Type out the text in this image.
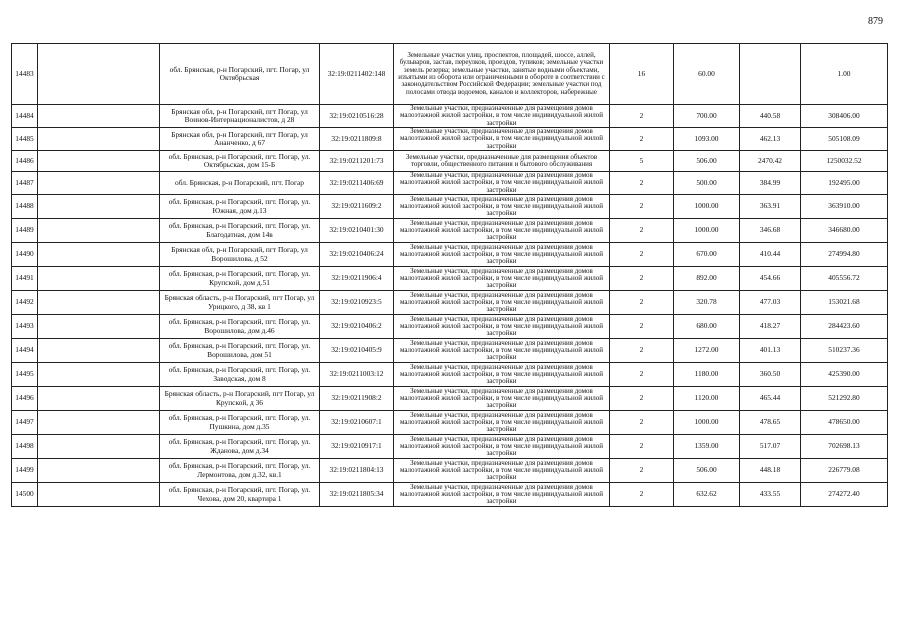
879
14483		обл. Брянская, р-н Погарский, пгт. Погар, ул Октябрьская	32:19:0211402:148	Земельные участки улиц, проспектов, площадей, шоссе, аллей, бульваров, застав, переулков, проездов, тупиков; земельные участки земель резерва; земельные участки, занятые водными объектами, изъятыми из оборота или ограниченными в обороте в соответствии с законодательством Российской Федерации; земельные участки под полосами отвода водоемов, каналов и коллекторов, набережные	16	60.00		1.00
14484		Брянская обл, р-н Погарский, пгт Погар, ул Воинов-Интернационалистов, д 28	32:19:0210516:28	Земельные участки, предназначенные для размещения домов малоэтажной жилой застройки, в том числе индивидуальной жилой застройки	2	700.00	440.58	308406.00
14485		Брянская обл, р-н Погарский, пгт Погар, ул Ананченко, д 67	32:19:0211809:8	Земельные участки, предназначенные для размещения домов малоэтажной жилой застройки, в том числе индивидуальной жилой застройки	2	1093.00	462.13	505108.09
14486		обл. Брянская, р-н Погарский, пгт. Погар, ул. Октябрьская, дом 15-Б	32:19:0211201:73	Земельные участки, предназначенные для размещения объектов торговли, общественного питания и бытового обслуживания	5	506.00	2470.42	1250032.52
14487		обл. Брянская, р-н Погарский, пгт. Погар	32:19:0211406:69	Земельные участки, предназначенные для размещения домов малоэтажной жилой застройки, в том числе индивидуальной жилой застройки	2	500.00	384.99	192495.00
14488		обл. Брянская, р-н Погарский, пгт. Погар, ул. Южная, дом д.13	32:19:0211609:2	Земельные участки, предназначенные для размещения домов малоэтажной жилой застройки, в том числе индивидуальной жилой застройки	2	1000.00	363.91	363910.00
14489		обл. Брянская, р-н Погарский, пгт. Погар, ул. Благодатная, дом 14в	32:19:0210401:30	Земельные участки, предназначенные для размещения домов малоэтажной жилой застройки, в том числе индивидуальной жилой застройки	2	1000.00	346.68	346680.00
14490		Брянская обл, р-н Погарский, пгт Погар, ул Ворошилова, д 52	32:19:0210406:24	Земельные участки, предназначенные для размещения домов малоэтажной жилой застройки, в том числе индивидуальной жилой застройки	2	670.00	410.44	274994.80
14491		обл. Брянская, р-н Погарский, пгт. Погар, ул. Крупской, дом д.51	32:19:0211906:4	Земельные участки, предназначенные для размещения домов малоэтажной жилой застройки, в том числе индивидуальной жилой застройки	2	892.00	454.66	405556.72
14492		Брянская область, р-н Погарский, пгт Погар, ул Урицкого, д 38, кв 1	32:19:0210923:5	Земельные участки, предназначенные для размещения домов малоэтажной жилой застройки, в том числе индивидуальной жилой застройки	2	320.78	477.03	153021.68
14493		обл. Брянская, р-н Погарский, пгт. Погар, ул. Ворошилова, дом д.46	32:19:0210406:2	Земельные участки, предназначенные для размещения домов малоэтажной жилой застройки, в том числе индивидуальной жилой застройки	2	680.00	418.27	284423.60
14494		обл. Брянская, р-н Погарский, пгт. Погар, ул. Ворошилова, дом 51	32:19:0210405:9	Земельные участки, предназначенные для размещения домов малоэтажной жилой застройки, в том числе индивидуальной жилой застройки	2	1272.00	401.13	510237.36
14495		обл. Брянская, р-н Погарский, пгт. Погар, ул. Заводская, дом 8	32:19:0211003:12	Земельные участки, предназначенные для размещения домов малоэтажной жилой застройки, в том числе индивидуальной жилой застройки	2	1180.00	360.50	425390.00
14496		Брянская область, р-н Погарский, пгт Погар, ул Крупской, д 36	32:19:0211908:2	Земельные участки, предназначенные для размещения домов малоэтажной жилой застройки, в том числе индивидуальной жилой застройки	2	1120.00	465.44	521292.80
14497		обл. Брянская, р-н Погарский, пгт. Погар, ул. Пушкина, дом д.35	32:19:0210607:1	Земельные участки, предназначенные для размещения домов малоэтажной жилой застройки, в том числе индивидуальной жилой застройки	2	1000.00	478.65	478650.00
14498		обл. Брянская, р-н Погарский, пгт. Погар, ул. Жданова, дом д.34	32:19:0210917:1	Земельные участки, предназначенные для размещения домов малоэтажной жилой застройки, в том числе индивидуальной жилой застройки	2	1359.00	517.07	702698.13
14499		обл. Брянская, р-н Погарский, пгт. Погар, ул. Лермонтова, дом д.32, кв.1	32:19:0211804:13	Земельные участки, предназначенные для размещения домов малоэтажной жилой застройки, в том числе индивидуальной жилой застройки	2	506.00	448.18	226779.08
14500		обл. Брянская, р-н Погарский, пгт. Погар, ул. Чехова, дом 20, квартира 1	32:19:0211805:34	Земельные участки, предназначенные для размещения домов малоэтажной жилой застройки, в том числе индивидуальной жилой застройки	2	632.62	433.55	274272.40
